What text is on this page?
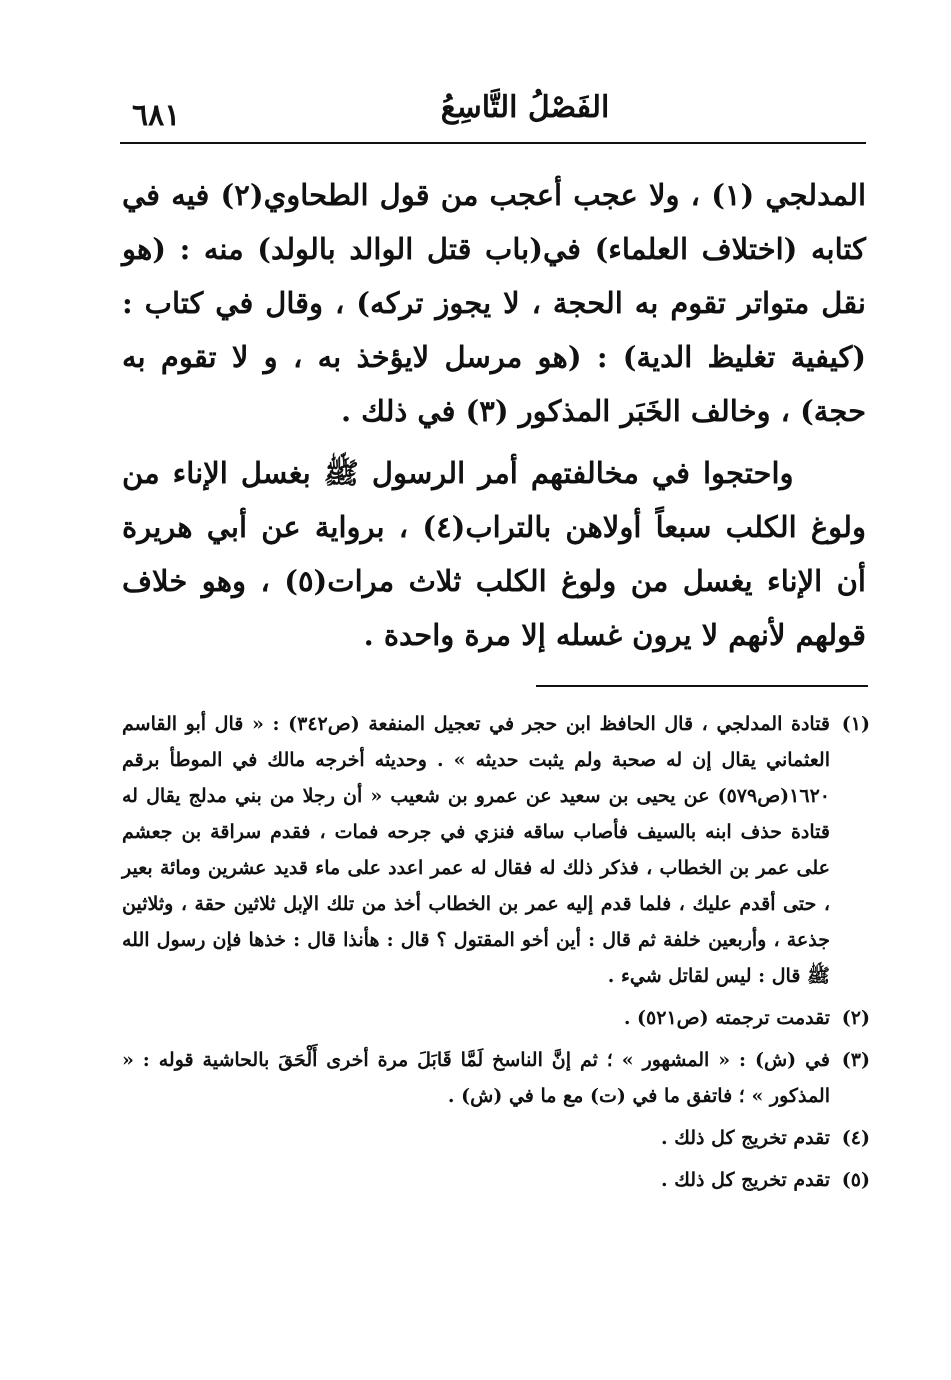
٦٨١	الفَصْلُ التَّاسِعُ

المدلجي (١) ، ولا عجب أعجب من قول الطحاوي(٢) فيه في كتابه (اختلاف العلماء) في(باب قتل الوالد بالولد) منه : (هو نقل متواتر تقوم به الحجة ، لا يجوز تركه) ، وقال في كتاب : (كيفية تغليظ الدية) : (هو مرسل لايؤخذ به ، و لا تقوم به حجة) ، وخالف الخَبَر المذكور (٣) في ذلك .

واحتجوا في مخالفتهم أمر الرسول ﷺ بغسل الإناء من ولوغ الكلب سبعاً أولاهن بالتراب(٤) ، برواية عن أبي هريرة أن الإناء يغسل من ولوغ الكلب ثلاث مرات(٥) ، وهو خلاف قولهم لأنهم لا يرون غسله إلا مرة واحدة .

(١)
قتادة المدلجي ، قال الحافظ ابن حجر في تعجيل المنفعة (ص٣٤٢) : « قال أبو القاسم العثماني يقال إن له صحبة ولم يثبت حديثه » . وحديثه أخرجه مالك في الموطأ برقم ١٦٢٠(ص٥٧٩) عن يحيى بن سعيد عن عمرو بن شعيب « أن رجلا من بني مدلج يقال له قتادة حذف ابنه بالسيف فأصاب ساقه فنزي في جرحه فمات ، فقدم سراقة بن جعشم على عمر بن الخطاب ، فذكر ذلك له فقال له عمر اعدد على ماء قديد عشرين ومائة بعير ، حتى أقدم عليك ، فلما قدم إليه عمر بن الخطاب أخذ من تلك الإبل ثلاثين حقة ، وثلاثين جذعة ، وأربعين خلفة ثم قال : أين أخو المقتول ؟ قال : هأنذا قال : خذها فإن رسول الله ﷺ قال : ليس لقاتل شيء .
(٢)
تقدمت ترجمته (ص٥٢١) .
(٣)
في (ش) : « المشهور » ؛ ثم إنَّ الناسخ لَمَّا قَابَلَ مرة أخرى أَلْحَقَ بالحاشية قوله : « المذكور » ؛ فاتفق ما في (ت) مع ما في (ش) .
(٤)
تقدم تخريج كل ذلك .
(٥)
تقدم تخريج كل ذلك .
